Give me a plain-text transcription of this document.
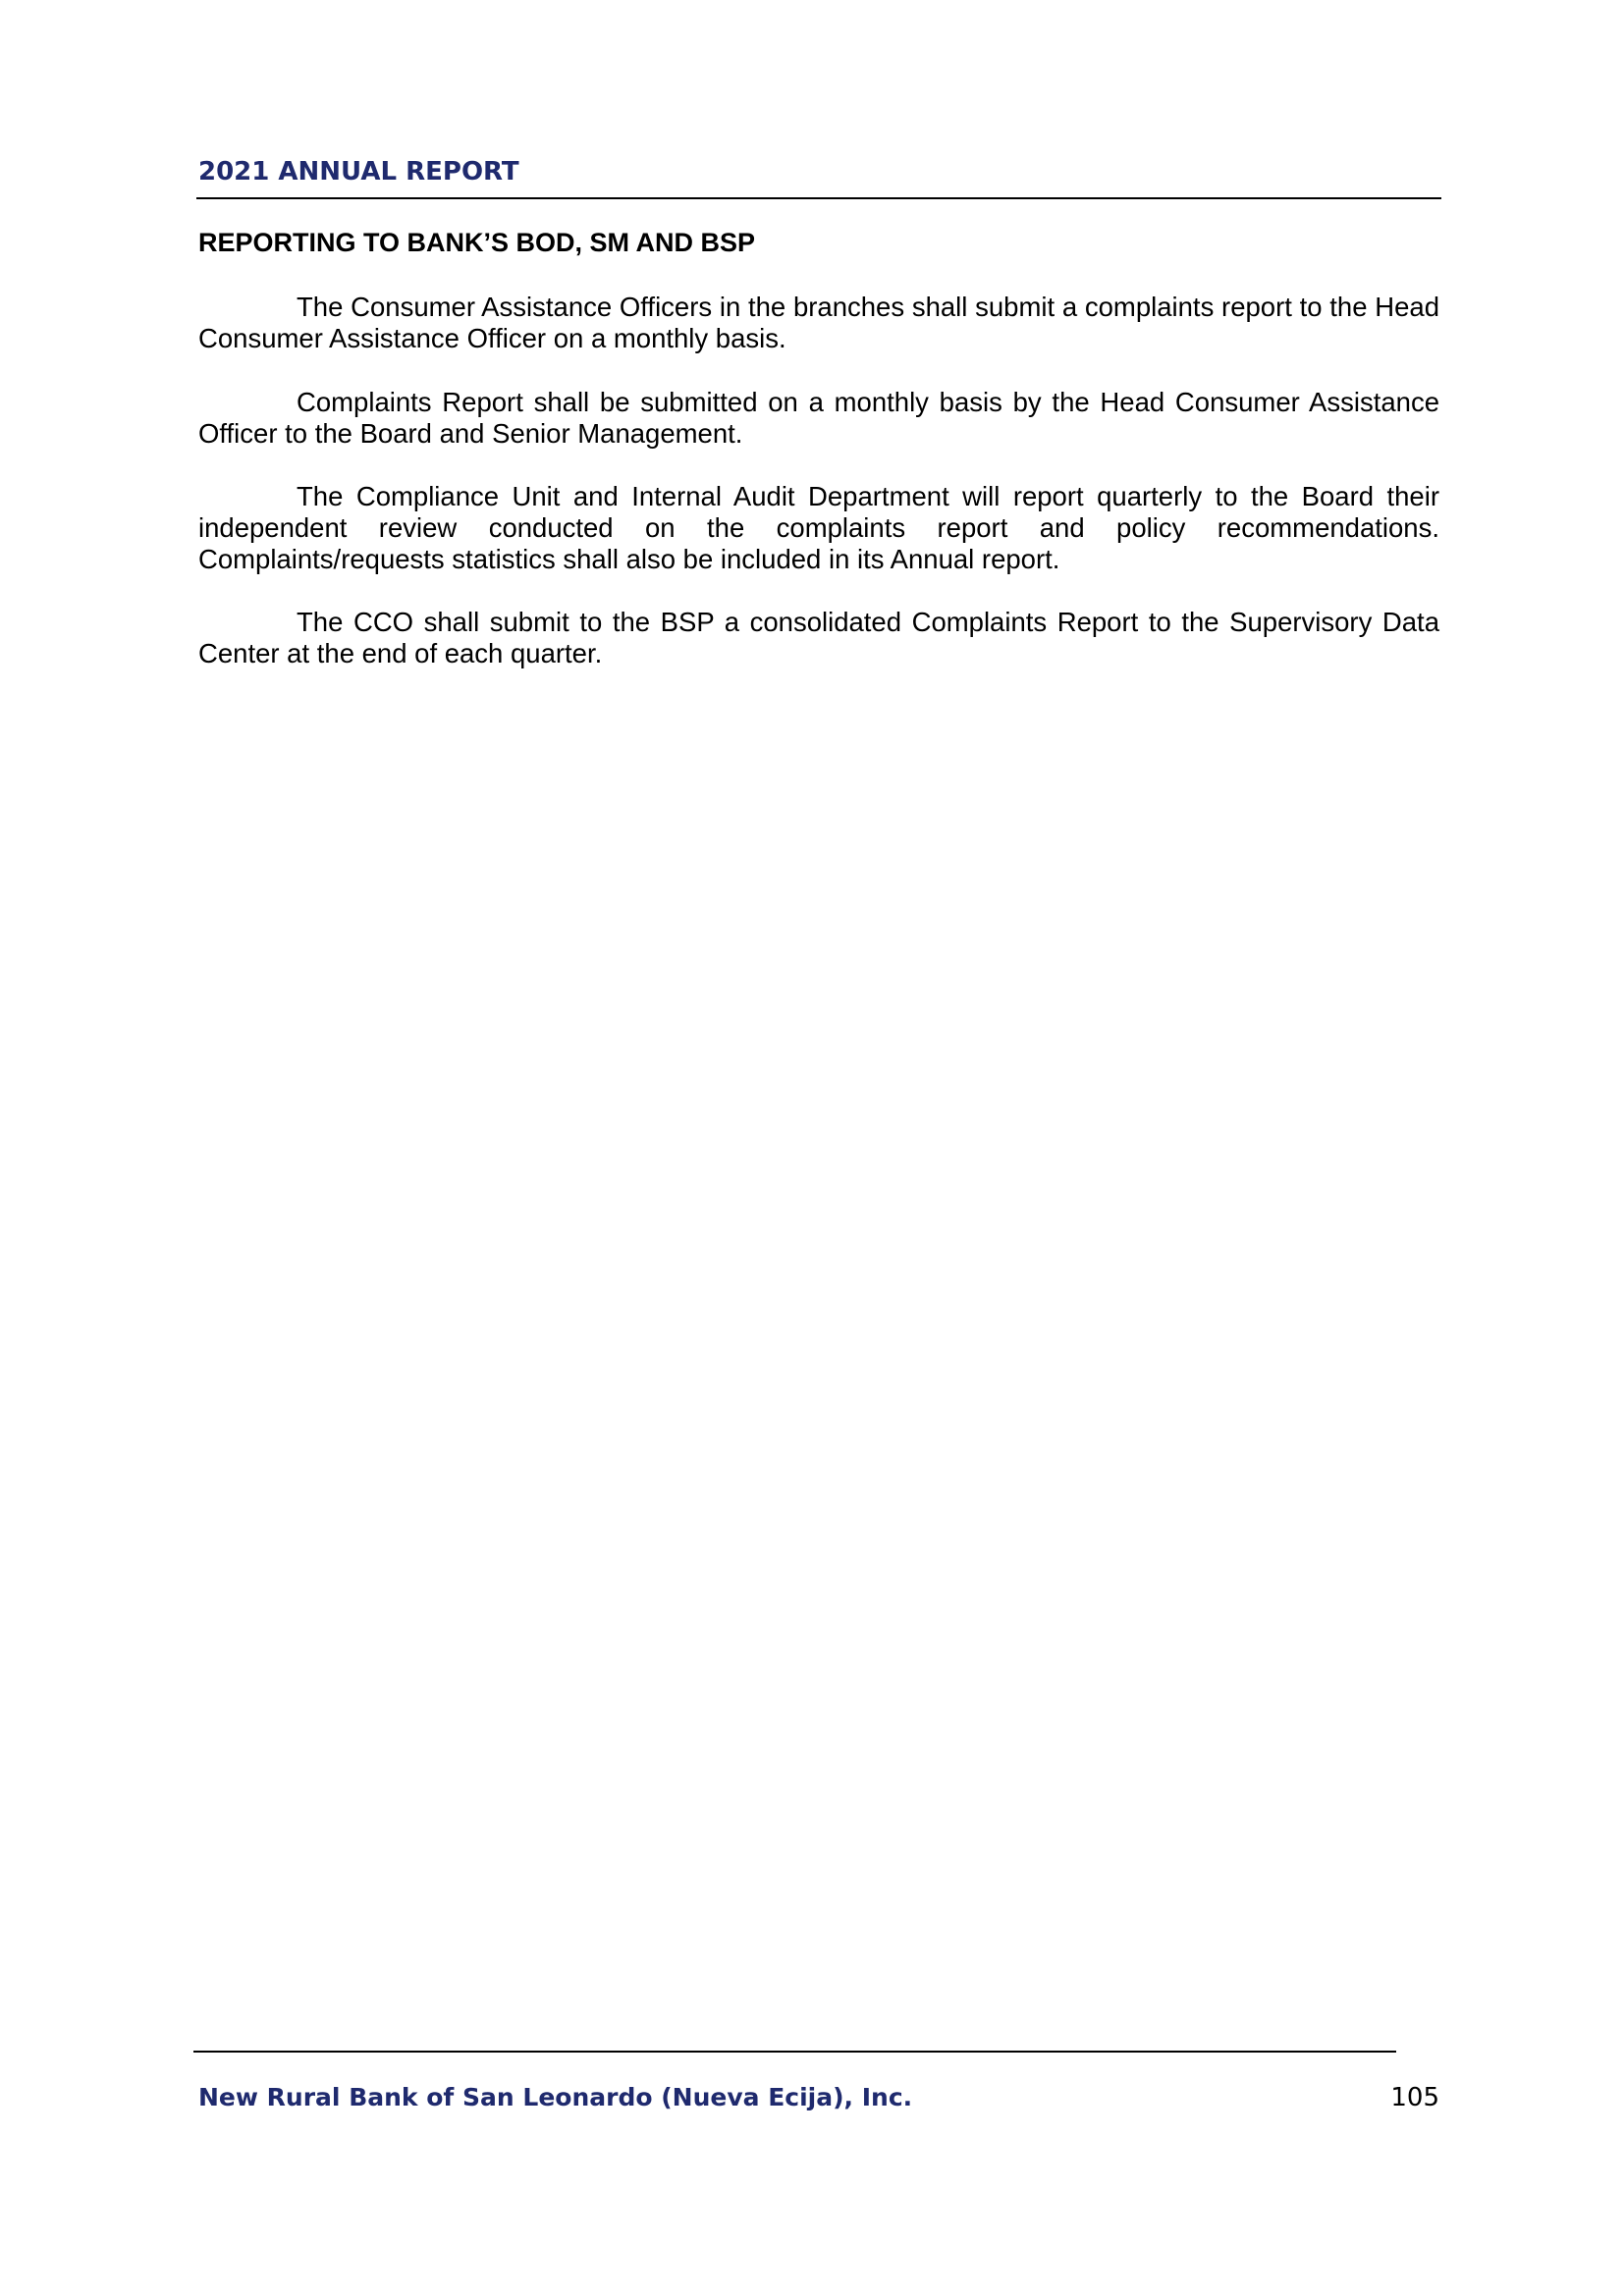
2021 ANNUAL REPORT
REPORTING TO BANK’S BOD, SM AND BSP

The Consumer Assistance Officers in the branches shall submit a complaints report to the Head Consumer Assistance Officer on a monthly basis.

Complaints Report shall be submitted on a monthly basis by the Head Consumer Assistance Officer to the Board and Senior Management.

The Compliance Unit and Internal Audit Department will report quarterly to the Board their independent review conducted on the complaints report and policy recommendations. Complaints/requests statistics shall also be included in its Annual report.

The CCO shall submit to the BSP a consolidated Complaints Report to the Supervisory Data Center at the end of each quarter.

New Rural Bank of San Leonardo (Nueva Ecija), Inc.	105
